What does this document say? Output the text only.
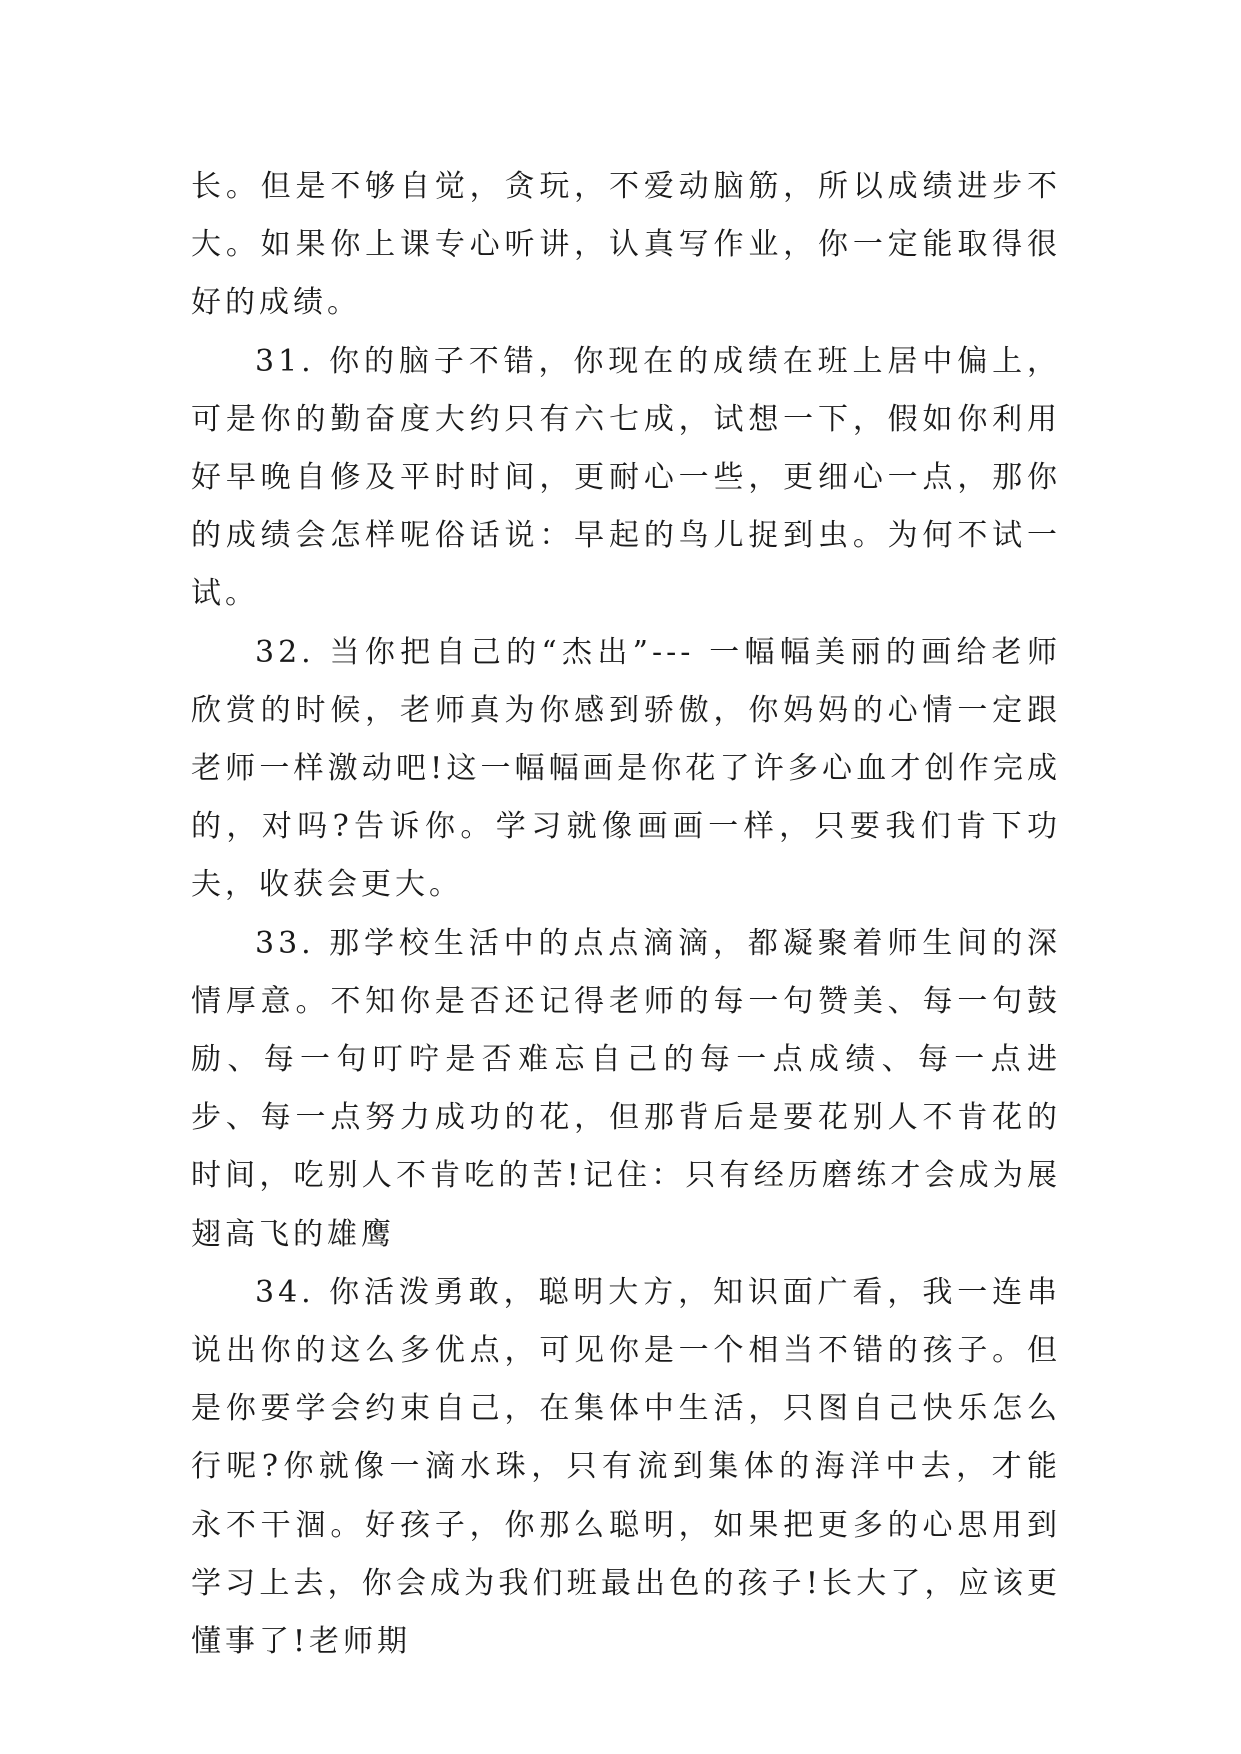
长。但是不够自觉，贪玩，不爱动脑筋，所以成绩进步不大。如果你上课专心听讲，认真写作业，你一定能取得很好的成绩。

31. 你的脑子不错，你现在的成绩在班上居中偏上，可是你的勤奋度大约只有六七成，试想一下，假如你利用好早晚自修及平时时间，更耐心一些，更细心一点，那你的成绩会怎样呢俗话说：早起的鸟儿捉到虫。为何不试一试。

32. 当你把自己的“杰出”--- 一幅幅美丽的画给老师欣赏的时候，老师真为你感到骄傲，你妈妈的心情一定跟老师一样激动吧!这一幅幅画是你花了许多心血才创作完成的，对吗?告诉你。学习就像画画一样，只要我们肯下功夫，收获会更大。

33. 那学校生活中的点点滴滴，都凝聚着师生间的深情厚意。不知你是否还记得老师的每一句赞美、每一句鼓励、每一句叮咛是否难忘自己的每一点成绩、每一点进步、每一点努力成功的花，但那背后是要花别人不肯花的时间，吃别人不肯吃的苦!记住：只有经历磨练才会成为展翅高飞的雄鹰

34. 你活泼勇敢，聪明大方，知识面广看，我一连串说出你的这么多优点，可见你是一个相当不错的孩子。但是你要学会约束自己，在集体中生活，只图自己快乐怎么行呢?你就像一滴水珠，只有流到集体的海洋中去，才能永不干涸。好孩子，你那么聪明，如果把更多的心思用到学习上去，你会成为我们班最出色的孩子!长大了，应该更懂事了!老师期
